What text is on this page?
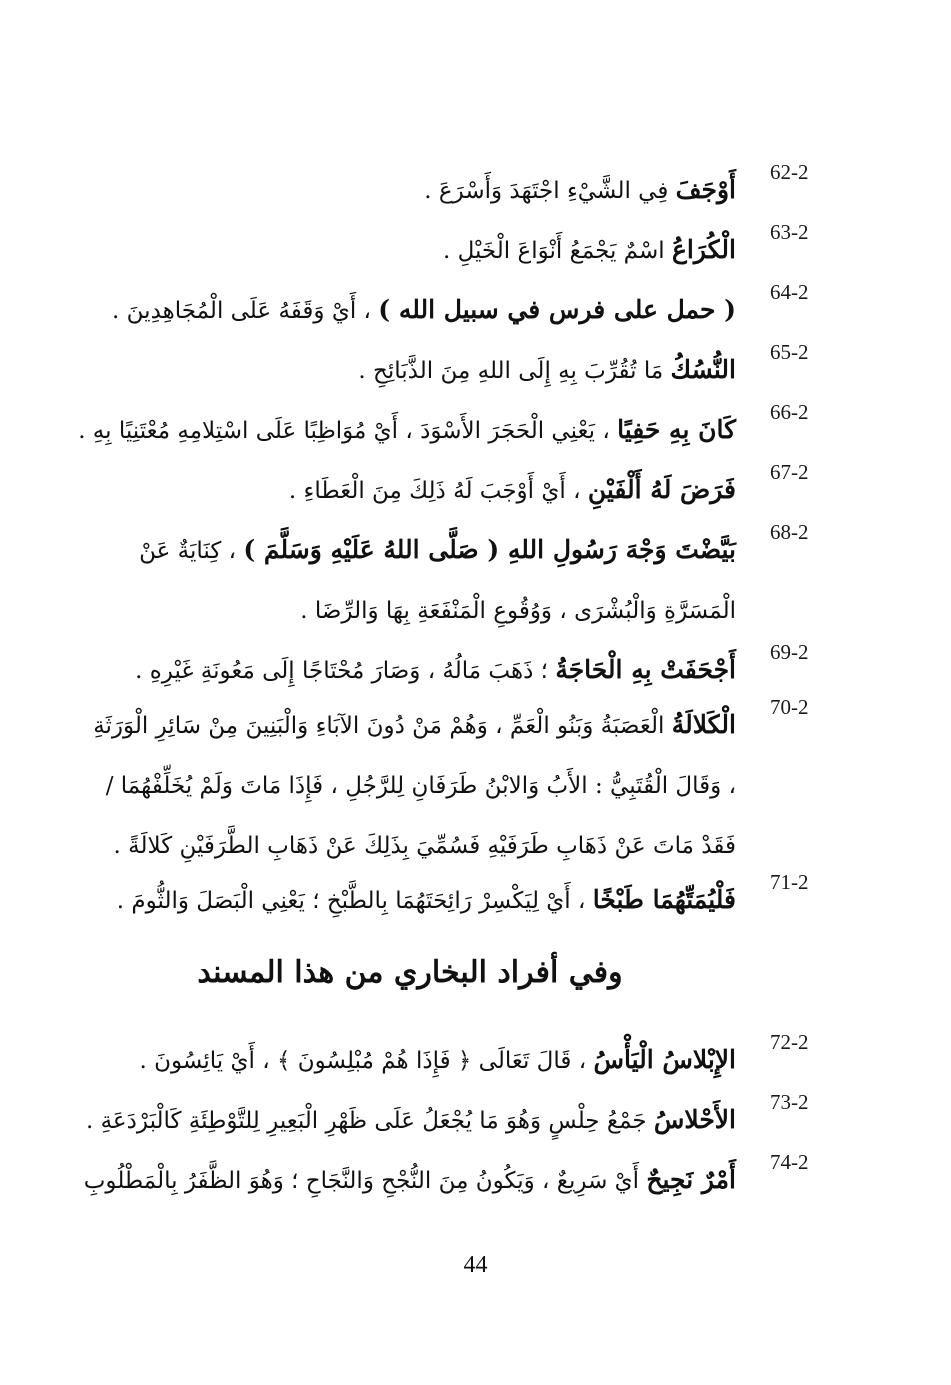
62-2
أَوْجَفَ فِي الشَّيْءِ اجْتَهَدَ وَأَسْرَعَ .
63-2
الْكُرَاعُ اسْمٌ يَجْمَعُ أَنْوَاعَ الْخَيْلِ .
64-2
( حمل على فرس في سبيل الله ) ، أَيْ وَقَفَهُ عَلَى الْمُجَاهِدِينَ .
65-2
النُّسُكُ مَا تُقُرِّبَ بِهِ إِلَى اللهِ مِنَ الذَّبَائِحِ .
66-2
كَانَ بِهِ حَفِيًا ، يَعْنِي الْحَجَرَ الأَسْوَدَ ، أَيْ مُوَاظِبًا عَلَى اسْتِلامِهِ مُعْتَنِيًا بِهِ .
67-2
فَرَضَ لَهُ أَلْفَيْنِ ، أَيْ أَوْجَبَ لَهُ ذَلِكَ مِنَ الْعَطَاءِ .
68-2
بَيَّضْتَ وَجْهَ رَسُولِ اللهِ ( صَلَّى اللهُ عَلَيْهِ وَسَلَّمَ ) ، كِنَايَةٌ عَنْ الْمَسَرَّةِ وَالْبُشْرَى ، وَوُقُوعِ الْمَنْفَعَةِ بِهَا وَالرِّضَا .
69-2
أَجْحَفَتْ بِهِ الْحَاجَةُ ؛ ذَهَبَ مَالُهُ ، وَصَارَ مُحْتَاجًا إِلَى مَعُونَةِ غَيْرِهِ .
70-2
الْكَلالَةُ الْعَصَبَةُ وَبَنُو الْعَمِّ ، وَهُمْ مَنْ دُونَ الآبَاءِ وَالْبَنِينَ مِنْ سَائِرِ الْوَرَثَةِ ، وَقَالَ الْقُتَبِيُّ : الأَبُ وَالابْنُ طَرَفَانِ لِلرَّجُلِ ، فَإِذَا مَاتَ وَلَمْ يُخَلِّفْهُمَا / فَقَدْ مَاتَ عَنْ ذَهَابِ طَرَفَيْهِ فَسُمِّيَ بِذَلِكَ عَنْ ذَهَابِ الطَّرَفَيْنِ كَلالَةً .
71-2
فَلْيُمَتِّهُمَا طَبْخًا ، أَيْ لِيَكْسِرْ رَائِحَتَهُمَا بِالطَّبْخِ ؛ يَعْنِي الْبَصَلَ وَالثُّومَ .
وفي أفراد البخاري من هذا المسند
72-2
الإِبْلاسُ الْيَأْسُ ، قَالَ تَعَالَى ﴿ فَإِذَا هُمْ مُبْلِسُونَ ﴾ ، أَيْ يَائِسُونَ .
73-2
الأَحْلاسُ جَمْعُ حِلْسٍ وَهُوَ مَا يُجْعَلُ عَلَى ظَهْرِ الْبَعِيرِ لِلتَّوْطِئَةِ كَالْبَرْدَعَةِ .
74-2
أَمْرٌ نَجِيحٌ أَيْ سَرِيعٌ ، وَيَكُونُ مِنَ النُّجْحِ وَالنَّجَاحِ ؛ وَهُوَ الظَّفَرُ بِالْمَطْلُوبِ
44
